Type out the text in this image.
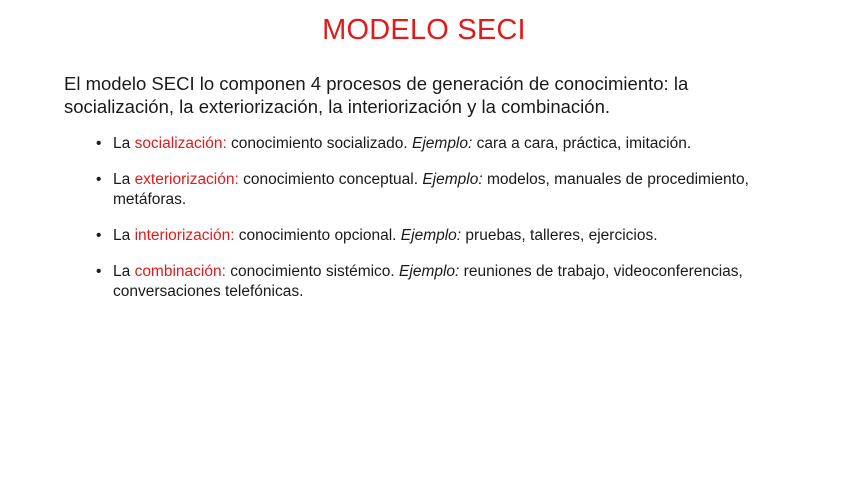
MODELO SECI
El modelo SECI lo componen 4 procesos de generación de conocimiento: la socialización, la exteriorización, la interiorización y la combinación.
• La socialización: conocimiento socializado. Ejemplo: cara a cara, práctica, imitación.
• La exteriorización: conocimiento conceptual. Ejemplo: modelos, manuales de procedimiento, metáforas.
• La interiorización: conocimiento opcional. Ejemplo: pruebas, talleres, ejercicios.
• La combinación: conocimiento sistémico. Ejemplo: reuniones de trabajo, videoconferencias, conversaciones telefónicas.
